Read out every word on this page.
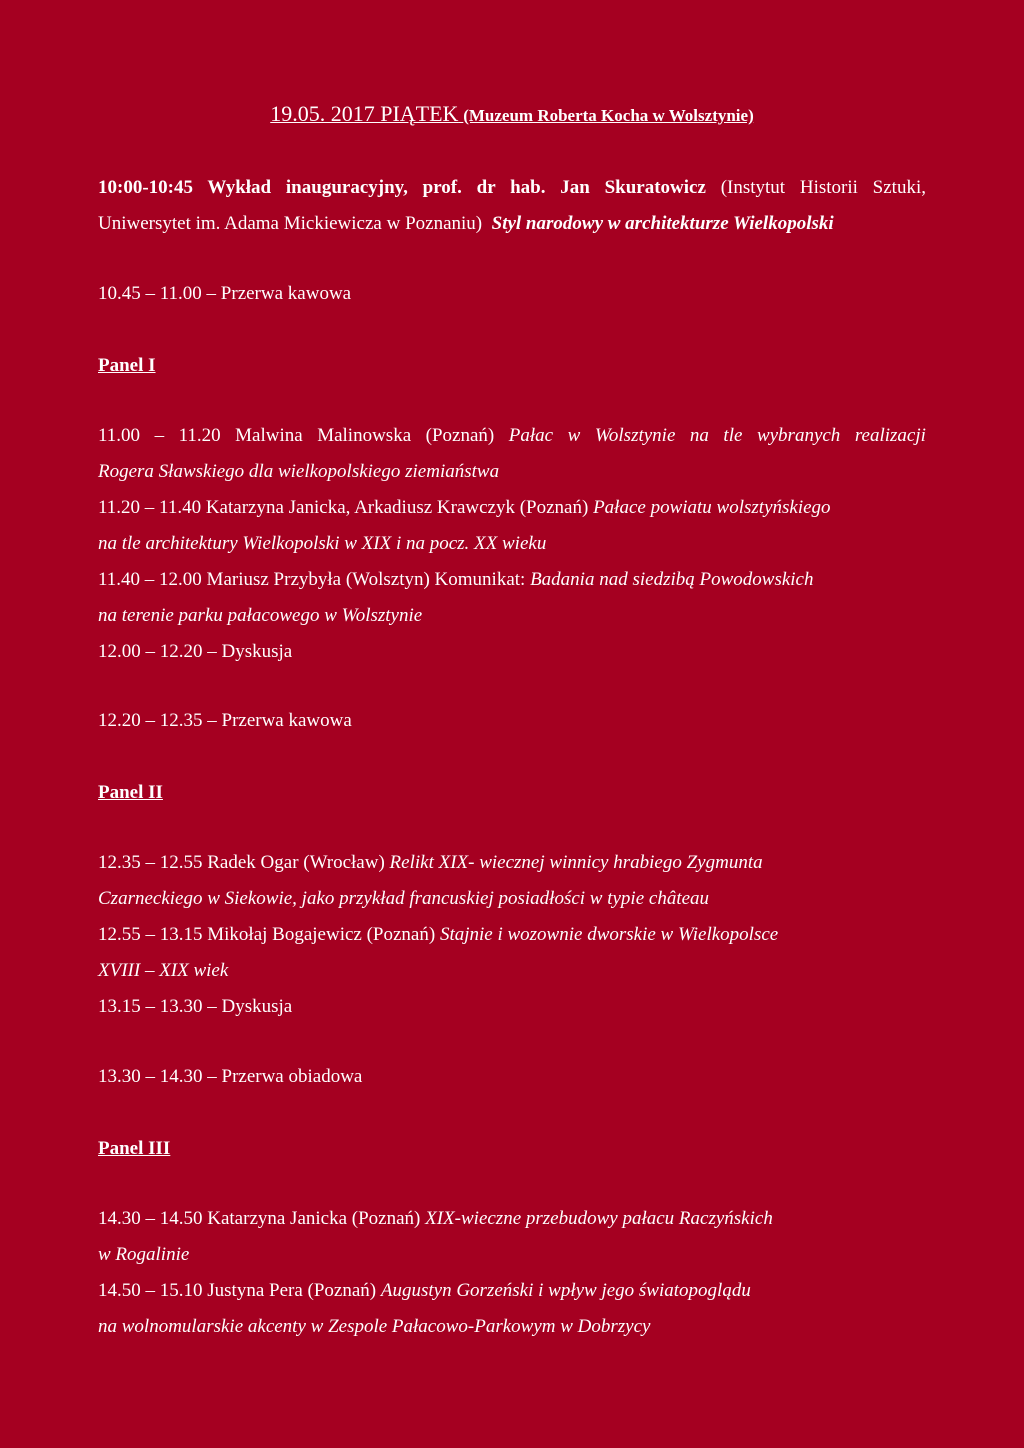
19.05. 2017 PIĄTEK (Muzeum Roberta Kocha w Wolsztynie)
10:00-10:45 Wykład inauguracyjny, prof. dr hab. Jan Skuratowicz (Instytut Historii Sztuki,
Uniwersytet im. Adama Mickiewicza w Poznaniu) Styl narodowy w architekturze Wielkopolski
10.45 – 11.00 – Przerwa kawowa
Panel I
11.00 – 11.20 Malwina Malinowska (Poznań) Pałac w Wolsztynie na tle wybranych realizacji
Rogera Sławskiego dla wielkopolskiego ziemiaństwa
11.20 – 11.40 Katarzyna Janicka, Arkadiusz Krawczyk (Poznań) Pałace powiatu wolsztyńskiego
na tle architektury Wielkopolski w XIX i na pocz. XX wieku
11.40 – 12.00 Mariusz Przybyła (Wolsztyn) Komunikat: Badania nad siedzibą Powodowskich
na terenie parku pałacowego w Wolsztynie
12.00 – 12.20 – Dyskusja
12.20 – 12.35 – Przerwa kawowa
Panel II
12.35 – 12.55 Radek Ogar (Wrocław) Relikt XIX- wiecznej winnicy hrabiego Zygmunta
Czarneckiego w Siekowie, jako przykład francuskiej posiadłości w typie château
12.55 – 13.15 Mikołaj Bogajewicz (Poznań) Stajnie i wozownie dworskie w Wielkopolsce
XVIII – XIX wiek
13.15 – 13.30 – Dyskusja
13.30 – 14.30 – Przerwa obiadowa
Panel III
14.30 – 14.50 Katarzyna Janicka (Poznań) XIX-wieczne przebudowy pałacu Raczyńskich
w Rogalinie
14.50 – 15.10 Justyna Pera (Poznań) Augustyn Gorzeński i wpływ jego światopoglądu
na wolnomularskie akcenty w Zespole Pałacowo-Parkowym w Dobrzycy
